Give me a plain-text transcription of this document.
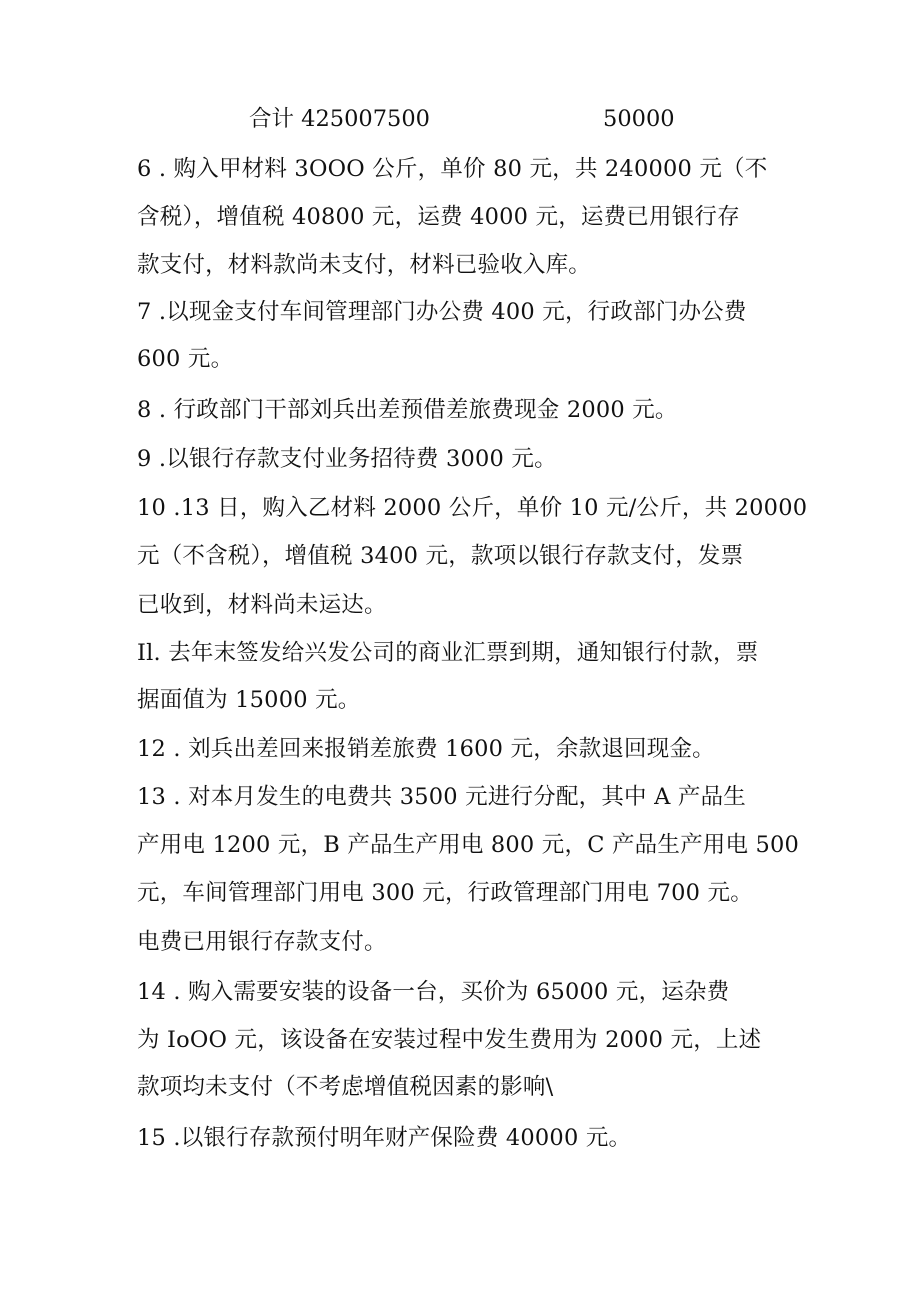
合计 425007500	50000
6 . 购入甲材料 3OOO 公斤，单价 80 元，共 240000 元（不
含税），增值税 40800 元，运费 4000 元，运费已用银行存
款支付，材料款尚未支付，材料已验收入库。
7 .以现金支付车间管理部门办公费 400 元，行政部门办公费
600 元。
8 . 行政部门干部刘兵出差预借差旅费现金 2000 元。
9 .以银行存款支付业务招待费 3000 元。
10 .13 日，购入乙材料 2000 公斤，单价 10 元/公斤，共 20000
元（不含税），增值税 3400 元，款项以银行存款支付，发票
已收到，材料尚未运达。
Il. 去年末签发给兴发公司的商业汇票到期，通知银行付款，票
据面值为 15000 元。
12 . 刘兵出差回来报销差旅费 1600 元，余款退回现金。
13 . 对本月发生的电费共 3500 元进行分配，其中 A 产品生
产用电 1200 元，B 产品生产用电 800 元，C 产品生产用电 500
元，车间管理部门用电 300 元，行政管理部门用电 700 元。
电费已用银行存款支付。
14 . 购入需要安装的设备一台，买价为 65000 元，运杂费
为 IoOO 元，该设备在安装过程中发生费用为 2000 元，上述
款项均未支付（不考虑增值税因素的影响\
15 .以银行存款预付明年财产保险费 40000 元。
